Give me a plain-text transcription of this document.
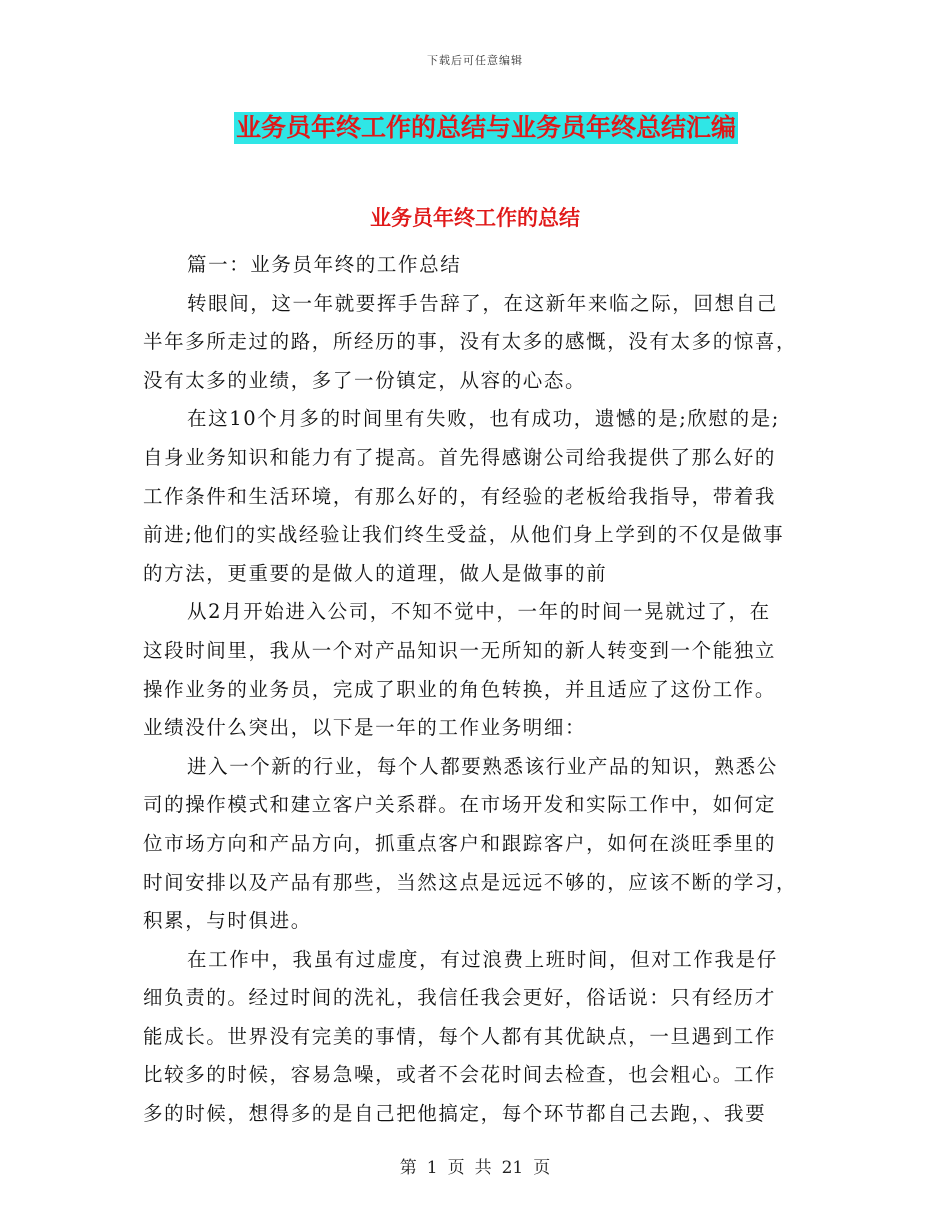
下载后可任意编辑
业务员年终工作的总结与业务员年终总结汇编
业务员年终工作的总结
篇一：业务员年终的工作总结
转眼间，这一年就要挥手告辞了，在这新年来临之际，回想自己
半年多所走过的路，所经历的事，没有太多的感慨，没有太多的惊喜，
没有太多的业绩，多了一份镇定，从容的心态。
在这10个月多的时间里有失败，也有成功，遗憾的是;欣慰的是;
自身业务知识和能力有了提高。首先得感谢公司给我提供了那么好的
工作条件和生活环境，有那么好的，有经验的老板给我指导，带着我
前进;他们的实战经验让我们终生受益，从他们身上学到的不仅是做事
的方法，更重要的是做人的道理，做人是做事的前
从2月开始进入公司，不知不觉中，一年的时间一晃就过了，在
这段时间里，我从一个对产品知识一无所知的新人转变到一个能独立
操作业务的业务员，完成了职业的角色转换，并且适应了这份工作。
业绩没什么突出，以下是一年的工作业务明细：
进入一个新的行业，每个人都要熟悉该行业产品的知识，熟悉公
司的操作模式和建立客户关系群。在市场开发和实际工作中，如何定
位市场方向和产品方向，抓重点客户和跟踪客户，如何在淡旺季里的
时间安排以及产品有那些，当然这点是远远不够的，应该不断的学习，
积累，与时俱进。
在工作中，我虽有过虚度，有过浪费上班时间，但对工作我是仔
细负责的。经过时间的洗礼，我信任我会更好，俗话说：只有经历才
能成长。世界没有完美的事情，每个人都有其优缺点，一旦遇到工作
比较多的时候，容易急噪，或者不会花时间去检查，也会粗心。工作
多的时候，想得多的是自己把他搞定，每个环节都自己去跑，、我要
第 1 页 共 21 页
